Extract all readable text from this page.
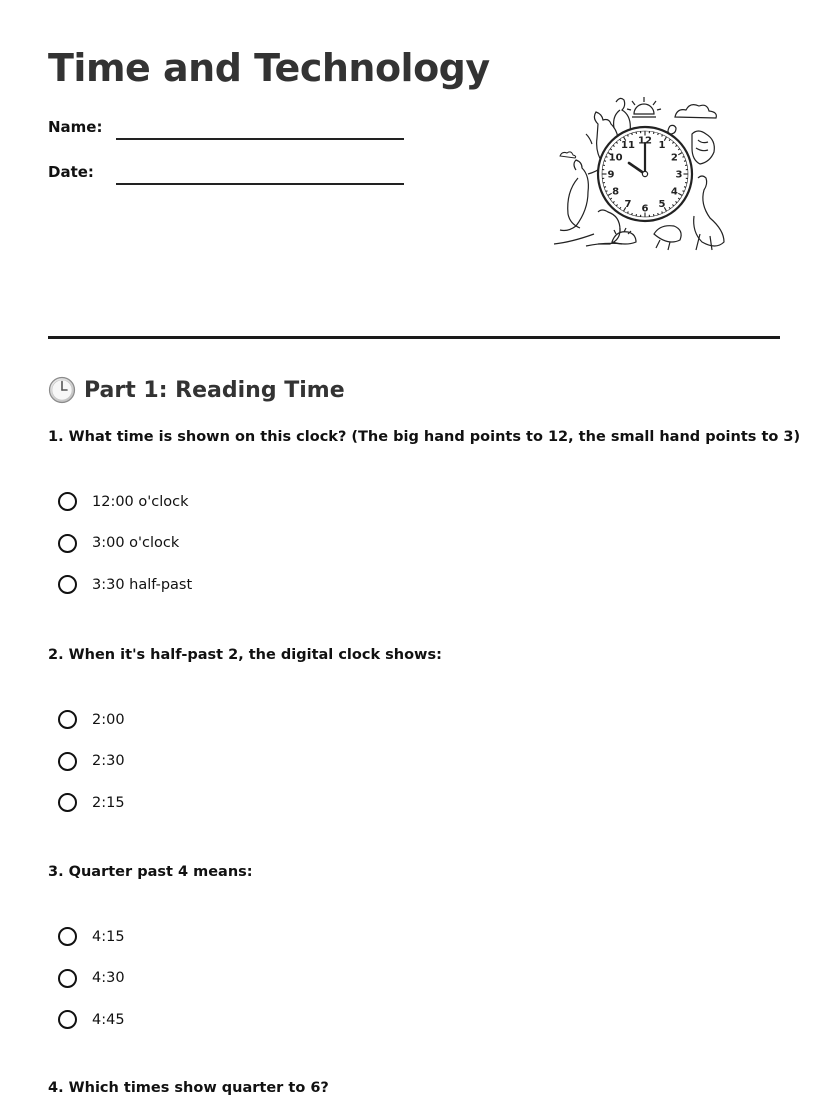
Time and Technology
Name:
Date:
12 1
2
3
4
5
6
7
8
9
10
11
Part 1: Reading Time
1. What time is shown on this clock? (The big hand points to 12, the small hand points to 3)
12:00 o'clock
3:00 o'clock
3:30 half-past
2. When it's half-past 2, the digital clock shows:
2:00
2:30
2:15
3. Quarter past 4 means:
4:15
4:30
4:45
4. Which times show quarter to 6?
